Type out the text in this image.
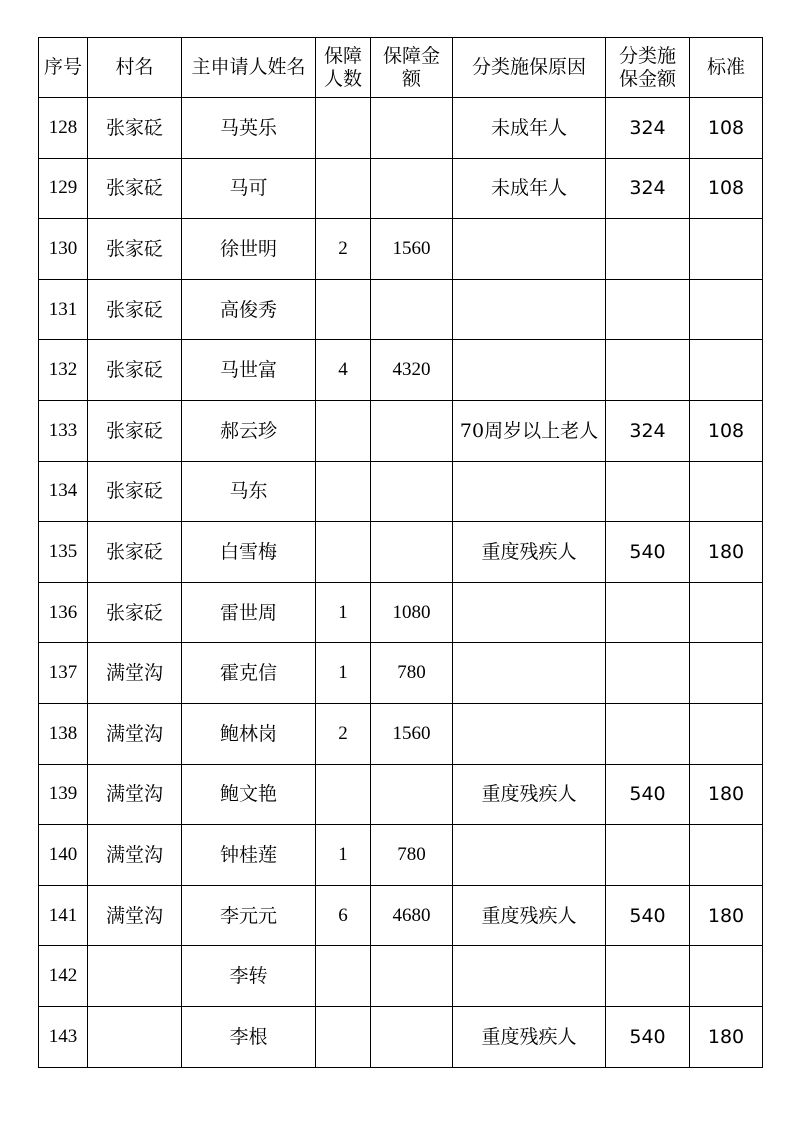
序号	村名	主申请人姓名	保障人数	保障金额	分类施保原因	分类施保金额	标准
128	张家砭	马英乐			未成年人	324	108
129	张家砭	马可			未成年人	324	108
130	张家砭	徐世明	2	1560			
131	张家砭	高俊秀					
132	张家砭	马世富	4	4320			
133	张家砭	郝云珍			70周岁以上老人	324	108
134	张家砭	马东					
135	张家砭	白雪梅			重度残疾人	540	180
136	张家砭	雷世周	1	1080			
137	满堂沟	霍克信	1	780			
138	满堂沟	鲍林岗	2	1560			
139	满堂沟	鲍文艳			重度残疾人	540	180
140	满堂沟	钟桂莲	1	780			
141	满堂沟	李元元	6	4680	重度残疾人	540	180
142		李转					
143		李根			重度残疾人	540	180
